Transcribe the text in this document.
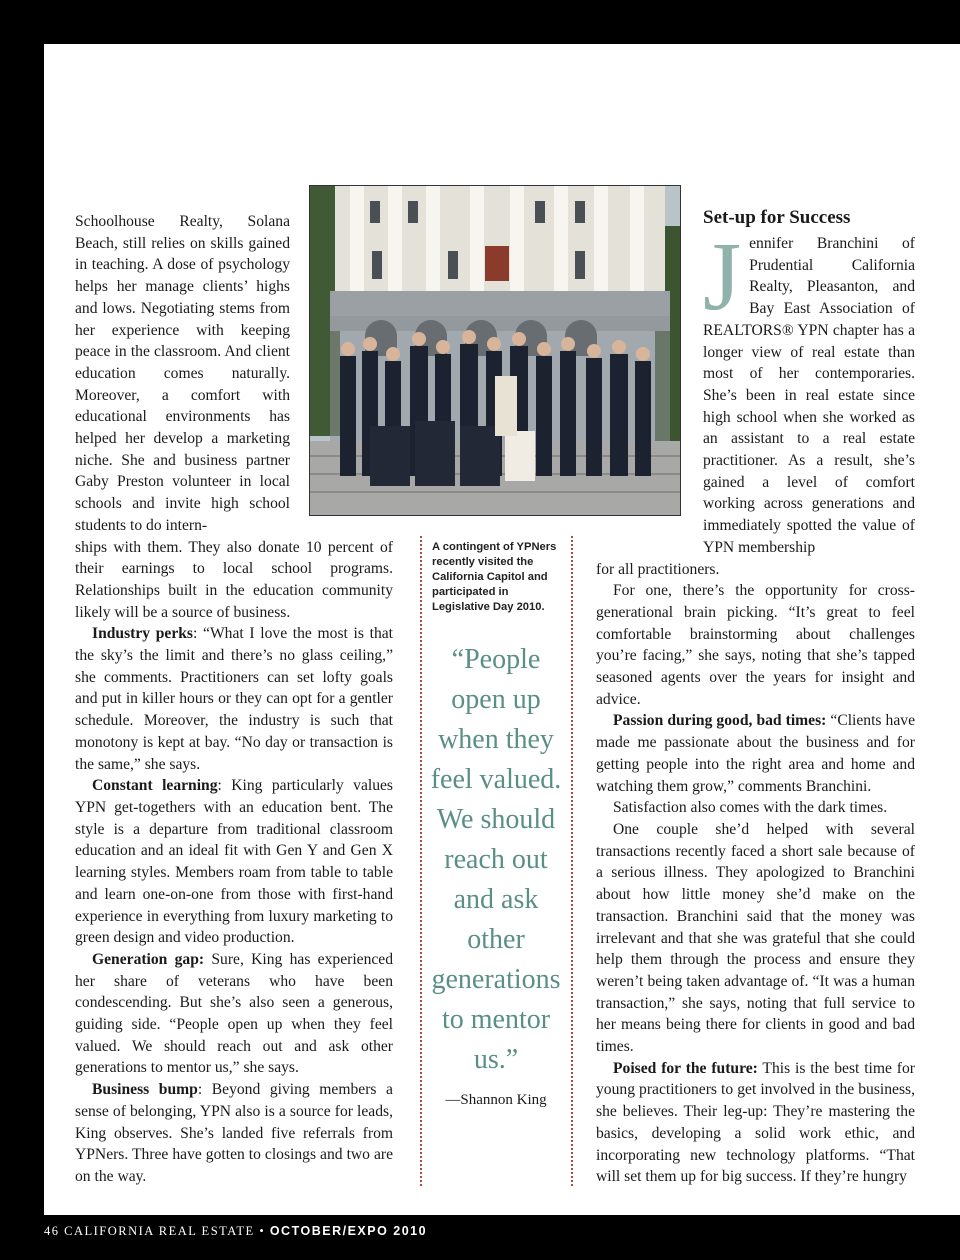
Schoolhouse Realty, Solana Beach, still relies on skills gained in teaching. A dose of psychology helps her manage clients’ highs and lows. Negotiating stems from her experience with keeping peace in the classroom. And client education comes naturally. Moreover, a comfort with educational environments has helped her develop a marketing niche. She and business partner Gaby Preston volunteer in local schools and invite high school students to do intern-

ships with them. They also donate 10 percent of their earnings to local school programs. Relationships built in the education community likely will be a source of business.

Industry perks: “What I love the most is that the sky’s the limit and there’s no glass ceiling,” she comments. Practitioners can set lofty goals and put in killer hours or they can opt for a gentler schedule. Moreover, the industry is such that monotony is kept at bay. “No day or transaction is the same,” she says.

Constant learning: King particularly values YPN get-togethers with an education bent. The style is a departure from traditional classroom education and an ideal fit with Gen Y and Gen X learning styles. Members roam from table to table and learn one-on-one from those with first-hand experience in everything from luxury marketing to green design and video production.

Generation gap: Sure, King has experienced her share of veterans who have been condescending. But she’s also seen a generous, guiding side. “People open up when they feel valued. We should reach out and ask other generations to mentor us,” she says.

Business bump: Beyond giving members a sense of belonging, YPN also is a source for leads, King observes. She’s landed five referrals from YPNers. Three have gotten to closings and two are on the way.

A contingent of YPNers recently visited the California Capitol and participated in Legislative Day 2010.
“People open up when they feel valued. We should reach out and ask other generations to mentor us.”
—Shannon King
Set-up for Success
Jennifer Branchini of Prudential California Realty, Pleasanton, and Bay East Association of REALTORS® YPN chapter has a longer view of real estate than most of her contemporaries. She’s been in real estate since high school when she worked as an assistant to a real estate practitioner. As a result, she’s gained a level of comfort working across generations and immediately spotted the value of YPN membership

for all practitioners.

For one, there’s the opportunity for cross-generational brain picking. “It’s great to feel comfortable brainstorming about challenges you’re facing,” she says, noting that she’s tapped seasoned agents over the years for insight and advice.

Passion during good, bad times: “Clients have made me passionate about the business and for getting people into the right area and home and watching them grow,” comments Branchini.

Satisfaction also comes with the dark times.

One couple she’d helped with several transactions recently faced a short sale because of a serious illness. They apologized to Branchini about how little money she’d make on the transaction. Branchini said that the money was irrelevant and that she was grateful that she could help them through the process and ensure they weren’t being taken advantage of. “It was a human transaction,” she says, noting that full service to her means being there for clients in good and bad times.

Poised for the future: This is the best time for young practitioners to get involved in the business, she believes. Their leg-up: They’re mastering the basics, developing a solid work ethic, and incorporating new technology platforms. “That will set them up for big success. If they’re hungry

46 CALIFORNIA REAL ESTATE • OCTOBER/EXPO 2010
